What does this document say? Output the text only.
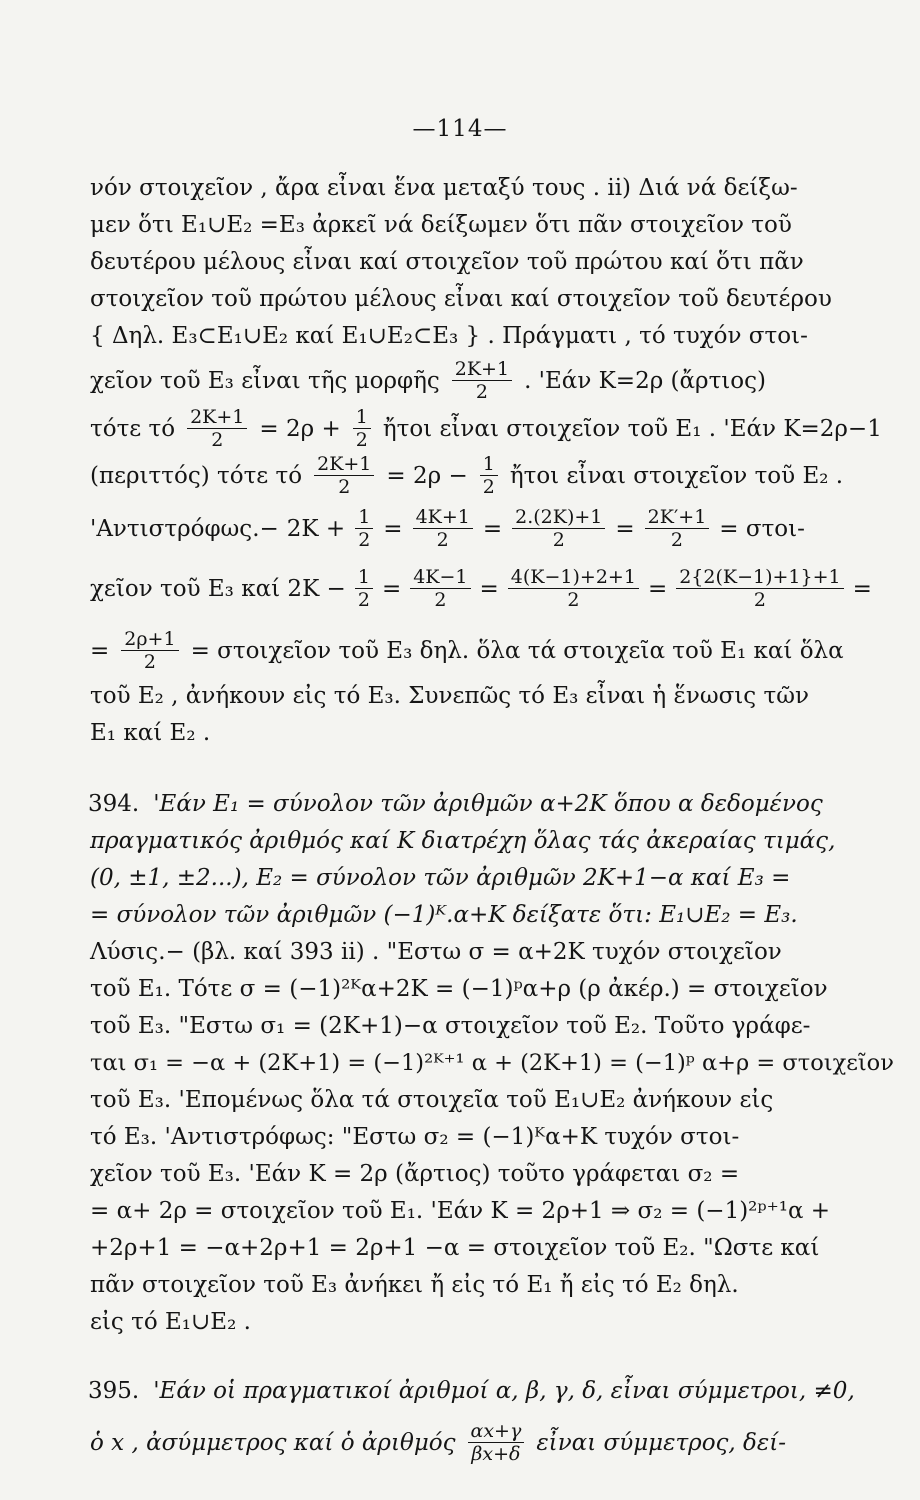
—114—
νόν στοιχεῖον , ἄρα εἶναι ἕνα μεταξύ τους . ii) Διά νά δείξω-
μεν ὅτι E₁∪E₂ =E₃ ἀρκεῖ νά δείξωμεν ὅτι πᾶν στοιχεῖον τοῦ
δευτέρου μέλους εἶναι καί στοιχεῖον τοῦ πρώτου καί ὅτι πᾶν
στοιχεῖον τοῦ πρώτου μέλους εἶναι καί στοιχεῖον τοῦ δευτέρου
{ Δηλ. E₃⊂E₁∪E₂ καί E₁∪E₂⊂E₃ } . Πράγματι , τό τυχόν στοι-
χεῖον τοῦ E₃ εἶναι τῆς μορφῆς $\frac{2K+1}{2}$ . 'Εάν K=2ρ (ἄρτιος)
τότε τό $\frac{2K+1}{2} = 2\rho + \frac{1}{2}$ ἤτοι εἶναι στοιχεῖον τοῦ E₁ . 'Εάν K=2ρ−1
(περιττός) τότε τό $\frac{2K+1}{2} = 2\rho - \frac{1}{2}$ ἤτοι εἶναι στοιχεῖον τοῦ E₂ .
'$A\nu\tau\iota\sigma\tau\rho ό\varphi\omega\varsigma.- 2K + \frac{1}{2} = \frac{4K+1}{2} = \frac{2.(2K)+1}{2} = \frac{2K'+1}{2} = \sigma\tau o\iota-$
χεῖον τοῦ E₃ καί $2K - \frac{1}{2} = \frac{4K-1}{2} = \frac{4(K-1)+2+1}{2} = \frac{2\{2(K-1)+1\}+1}{2}$ =
= $\frac{2\rho+1}{2}$ = στοιχεῖον τοῦ E₃ δηλ. ὅλα τά στοιχεῖα τοῦ E₁ καί ὅλα
τοῦ E₂ , ἀνήκουν εἰς τό E₃. Συνεπῶς τό E₃ εἶναι ἡ ἕνωσις τῶν
E₁ καί E₂ .
394. 'Εάν E₁ = σύνολον τῶν ἀριθμῶν α+2K ὅπου α δεδομένος
πραγματικός ἀριθμός καί K διατρέχη ὅλας τάς ἀκεραίας τιμάς,
(0, ±1, ±2...), E₂ = σύνολον τῶν ἀριθμῶν 2K+1−α καί E₃ =
= σύνολον τῶν ἀριθμῶν (−1)ᴷ.α+K δείξατε ὅτι: E₁∪E₂ = E₃.
Λύσις.− (βλ. καί 393 ii) . "Εστω σ = α+2K τυχόν στοιχεῖον
τοῦ E₁. Τότε σ = (−1)²ᴷα+2K = (−1)ᵖα+ρ (ρ ἀκέρ.) = στοιχεῖον
τοῦ E₃. "Εστω σ₁ = (2K+1)−α στοιχεῖον τοῦ E₂. Τοῦτο γράφε-
ται σ₁ = −α + (2K+1) = (−1)²ᴷ⁺¹ α + (2K+1) = (−1)ᵖ α+ρ = στοιχεῖον
τοῦ E₃. 'Επομένως ὅλα τά στοιχεῖα τοῦ E₁∪E₂ ἀνήκουν εἰς
τό E₃. 'Αντιστρόφως: "Εστω σ₂ = (−1)ᴷα+K τυχόν στοι-
χεῖον τοῦ E₃. 'Εάν K = 2ρ (ἄρτιος) τοῦτο γράφεται σ₂ =
= α+ 2ρ = στοιχεῖον τοῦ E₁. 'Εάν K = 2ρ+1 ⇒ σ₂ = (−1)²ᵖ⁺¹α +
+2ρ+1 = −α+2ρ+1 = 2ρ+1 −α = στοιχεῖον τοῦ E₂. "Ωστε καί
πᾶν στοιχεῖον τοῦ E₃ ἀνήκει ἤ εἰς τό E₁ ἤ εἰς τό E₂ δηλ.
εἰς τό E₁∪E₂ .
395. 'Εάν οἱ πραγματικοί ἀριθμοί α, β, γ, δ, εἶναι σύμμετροι, ≠0,
ὁ x , ἀσύμμετρος καί ὁ ἀριθμός $\frac{\alpha x+\gamma}{\beta x+\delta}$ εἶναι σύμμετρος, δεί-
